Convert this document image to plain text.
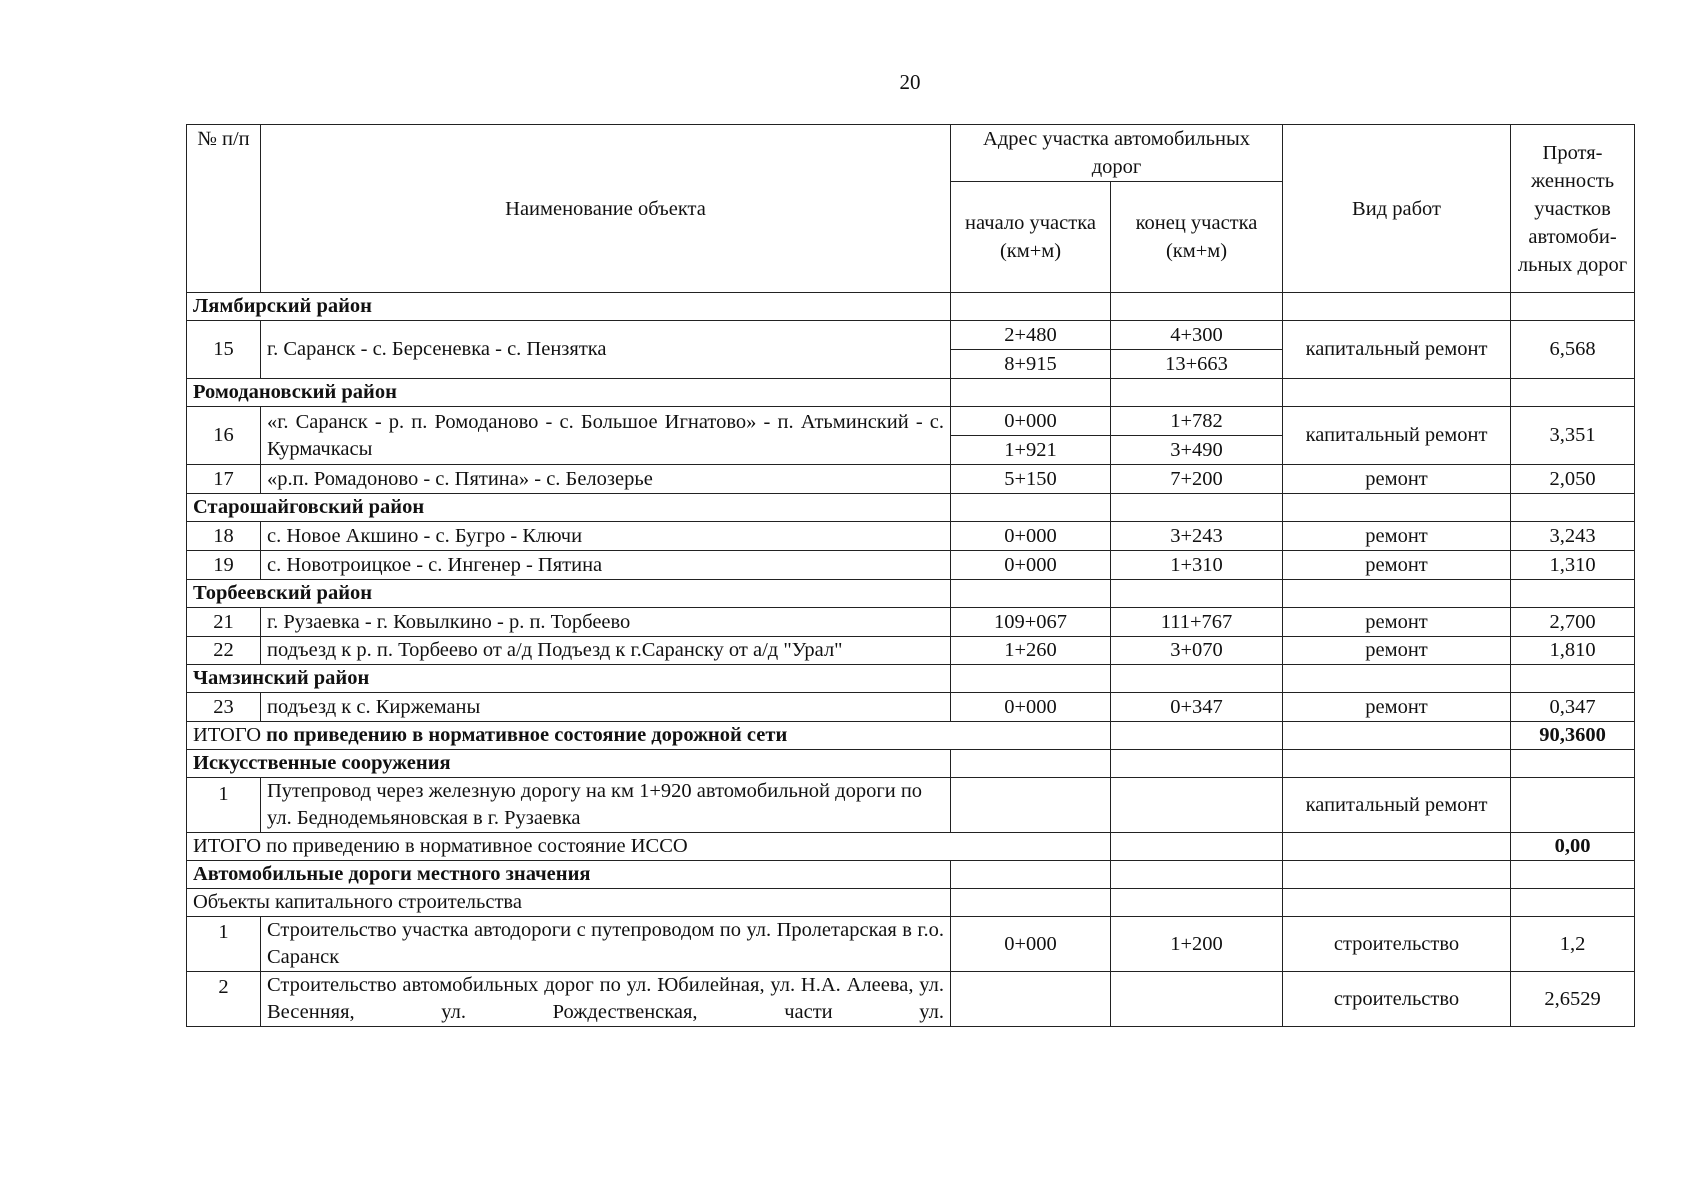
20
№ п/п	Наименование объекта	Адрес участка автомобильных дорог		Вид работ	Протя-женность участков автомоби-льных дорог
		начало участка (км+м)	конец участка (км+м)		
Лямбирский район					
15	г. Саранск - с. Берсеневка - с. Пензятка	2+480	4+300	капитальный ремонт	6,568
		8+915	13+663		
Ромодановский район					
16	«г. Саранск - р. п. Ромоданово - с. Большое Игнатово» - п. Атьминский - с. Курмачкасы	0+000	1+782	капитальный ремонт	3,351
		1+921	3+490		
17	«р.п. Ромадоново - с. Пятина» - с. Белозерье	5+150	7+200	ремонт	2,050
Старошайговский район					
18	с. Новое Акшино - с. Бугро - Ключи	0+000	3+243	ремонт	3,243
19	с. Новотроицкое - с. Ингенер - Пятина	0+000	1+310	ремонт	1,310
Торбеевский район					
21	г. Рузаевка - г. Ковылкино - р. п. Торбеево	109+067	111+767	ремонт	2,700
22	подъезд к р. п. Торбеево от а/д Подъезд к г.Саранску от а/д "Урал"	1+260	3+070	ремонт	1,810
Чамзинский район					
23	подъезд к с. Киржеманы	0+000	0+347	ремонт	0,347
ИТОГО по приведению в нормативное состояние дорожной сети					90,3600
Искусственные сооружения					
1	Путепровод через железную дорогу на км 1+920 автомобильной дороги по ул. Беднодемьяновская в г. Рузаевка			капитальный ремонт	
ИТОГО по приведению в нормативное состояние ИССО					0,00
Автомобильные дороги местного значения					
Объекты капитального строительства					
1	Строительство участка автодороги с путепроводом по ул. Пролетарская в г.о. Саранск	0+000	1+200	строительство	1,2
2	Строительство автомобильных дорог по ул. Юбилейная, ул. Н.А. Алеева, ул. Весенняя, ул. Рождественская, части ул.			строительство	2,6529
